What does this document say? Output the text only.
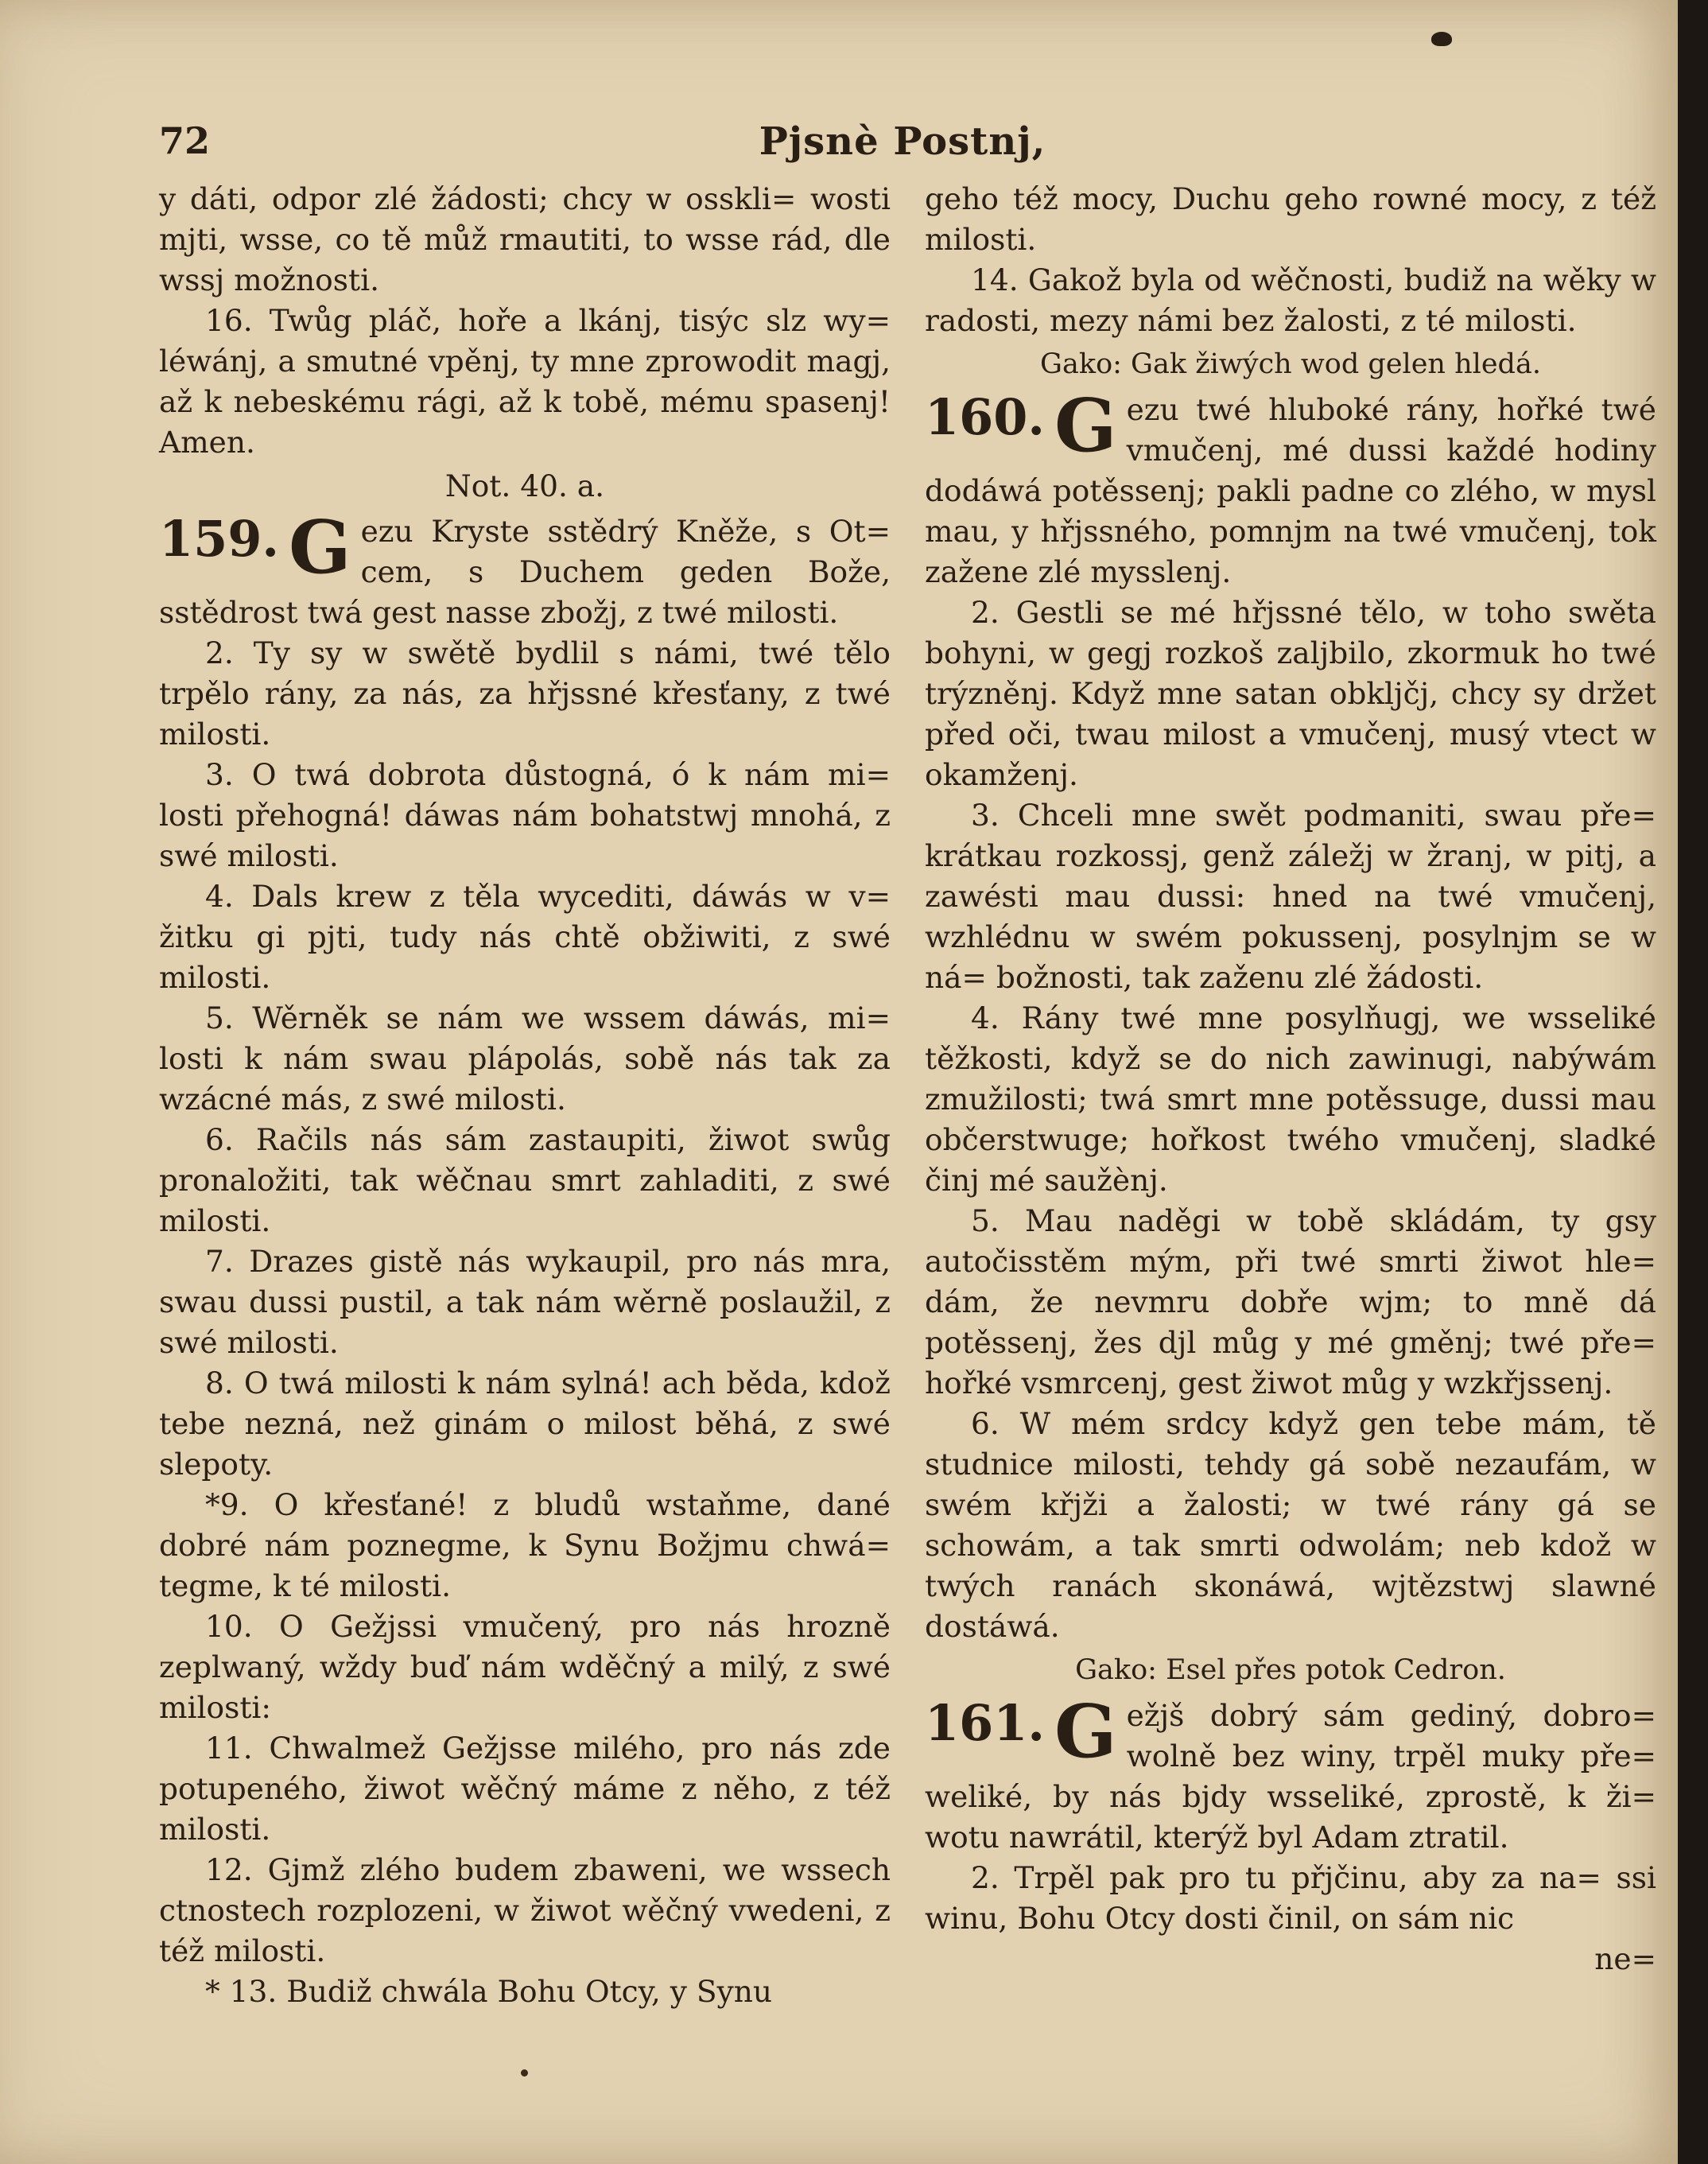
72	Pjsnè Postnj,

y dáti, odpor zlé žádosti; chcy w osskli= wosti mjti, wsse, co tě můž rmautiti, to wsse rád, dle wssj možnosti.

16. Twůg pláč, hoře a lkánj, tisýc slz wy= léwánj, a smutné vpěnj, ty mne zprowodit magj, až k nebeskému rági, až k tobě, mému spasenj! Amen.

Not. 40. a.

159. G ezu Kryste sstědrý Kněže, s Ot= cem, s Duchem geden Bože, sstědrost twá gest nasse zbožj, z twé milosti.

2. Ty sy w swětě bydlil s námi, twé tělo trpělo rány, za nás, za hřjssné křesťany, z twé milosti.

3. O twá dobrota důstogná, ó k nám mi= losti přehogná! dáwas nám bohatstwj mnohá, z swé milosti.

4. Dals krew z těla wycediti, dáwás w v= žitku gi pjti, tudy nás chtě obžiwiti, z swé milosti.

5. Wěrněk se nám we wssem dáwás, mi= losti k nám swau plápolás, sobě nás tak za wzácné más, z swé milosti.

6. Račils nás sám zastaupiti, žiwot swůg pronaložiti, tak wěčnau smrt zahladiti, z swé milosti.

7. Drazes gistě nás wykaupil, pro nás mra, swau dussi pustil, a tak nám wěrně poslaužil, z swé milosti.

8. O twá milosti k nám sylná! ach běda, kdož tebe nezná, než ginám o milost běhá, z swé slepoty.

*9. O křesťané! z bludů wstaňme, dané dobré nám poznegme, k Synu Božjmu chwá= tegme, k té milosti.

10. O Gežjssi vmučený, pro nás hrozně zeplwaný, wždy buď nám wděčný a milý, z swé milosti:

11. Chwalmež Gežjsse milého, pro nás zde potupeného, žiwot wěčný máme z něho, z též milosti.

12. Gjmž zlého budem zbaweni, we wssech ctnostech rozplozeni, w žiwot wěčný vwedeni, z též milosti.

* 13. Budiž chwála Bohu Otcy, y Synu

geho též mocy, Duchu geho rowné mocy, z též milosti.

14. Gakož byla od wěčnosti, budiž na wěky w radosti, mezy námi bez žalosti, z té milosti.

Gako: Gak žiwých wod gelen hledá.

160. G ezu twé hluboké rány, hořké twé vmučenj, mé dussi každé hodiny dodáwá potěssenj; pakli padne co zlého, w mysl mau, y hřjssného, pomnjm na twé vmučenj, tok zažene zlé mysslenj.

2. Gestli se mé hřjssné tělo, w toho swěta bohyni, w gegj rozkoš zaljbilo, zkormuk ho twé trýzněnj. Když mne satan obkljčj, chcy sy držet před oči, twau milost a vmučenj, musý vtect w okamženj.

3. Chceli mne swět podmaniti, swau pře= krátkau rozkossj, genž záležj w žranj, w pitj, a zawésti mau dussi: hned na twé vmučenj, wzhlédnu w swém pokussenj, posylnjm se w ná= božnosti, tak zaženu zlé žádosti.

4. Rány twé mne posylňugj, we wsseliké těžkosti, když se do nich zawinugi, nabýwám zmužilosti; twá smrt mne potěssuge, dussi mau občerstwuge; hořkost twého vmučenj, sladké činj mé saužènj.

5. Mau naděgi w tobě skládám, ty gsy autočisstěm mým, při twé smrti žiwot hle= dám, že nevmru dobře wjm; to mně dá potěssenj, žes djl můg y mé gměnj; twé pře= hořké vsmrcenj, gest žiwot můg y wzkřjssenj.

6. W mém srdcy když gen tebe mám, tě studnice milosti, tehdy gá sobě nezaufám, w swém křjži a žalosti; w twé rány gá se schowám, a tak smrti odwolám; neb kdož w twých ranách skonáwá, wjtězstwj slawné dostáwá.

Gako: Esel přes potok Cedron.

161. G ežjš dobrý sám gediný, dobro= wolně bez winy, trpěl muky pře= weliké, by nás bjdy wsseliké, zprostě, k ži= wotu nawrátil, kterýž byl Adam ztratil.

2. Trpěl pak pro tu přjčinu, aby za na= ssi winu, Bohu Otcy dosti činil, on sám nic

ne=
